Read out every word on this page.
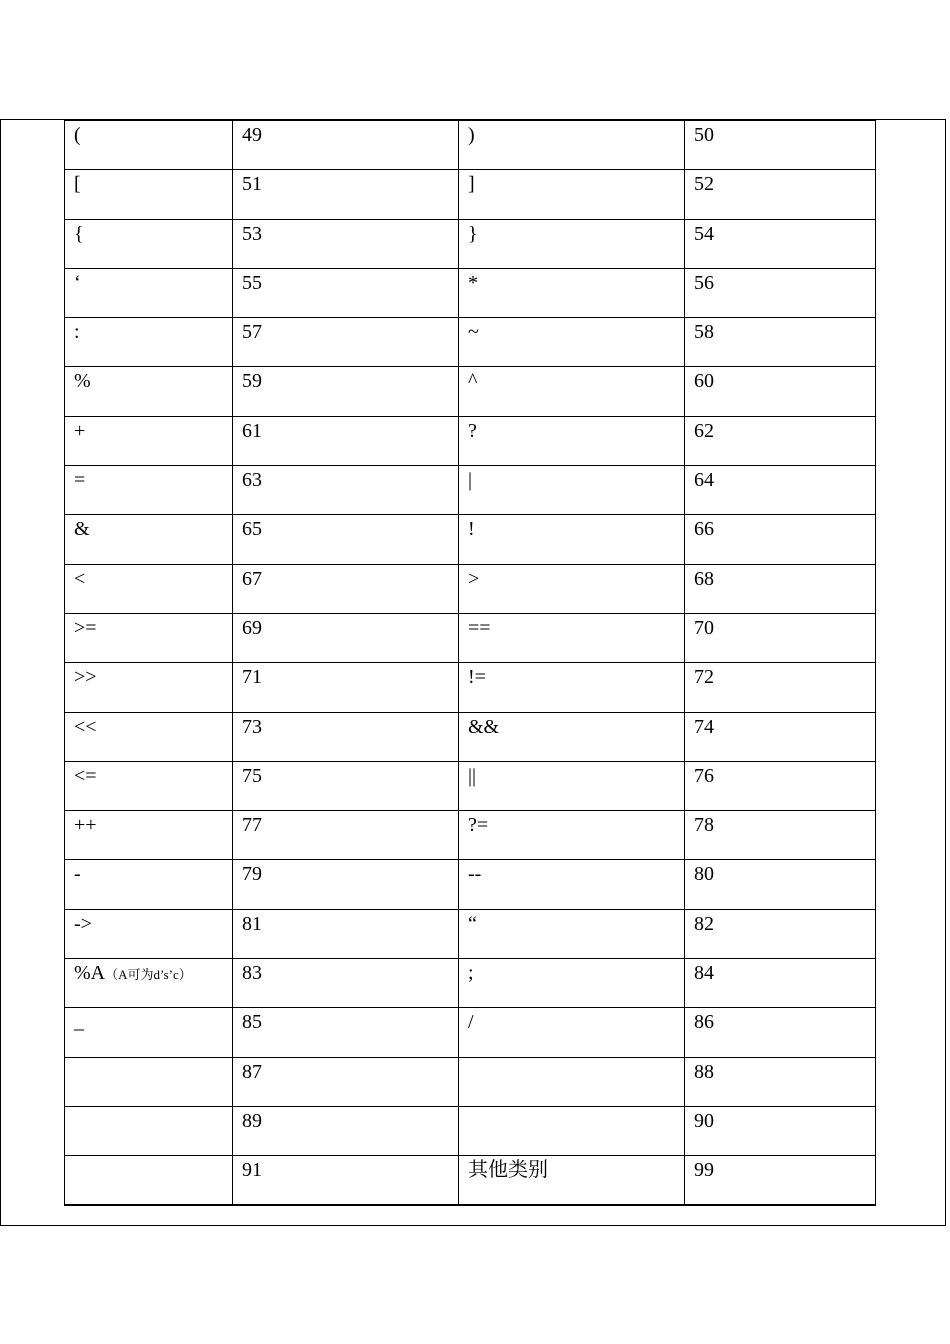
(	49	)	50
[	51	]	52
{	53	}	54
‘	55	*	56
:	57	~	58
%	59	^	60
+	61	?	62
=	63	|	64
&	65	!	66
<	67	>	68
>=	69	==	70
>>	71	!=	72
<<	73	&&	74
<=	75	||	76
++	77	?=	78
-	79	--	80
->	81	“	82
%A（A可为d’s’c）	83	;	84
_	85	/	86
	87		88
	89		90
	91	其他类别	99
